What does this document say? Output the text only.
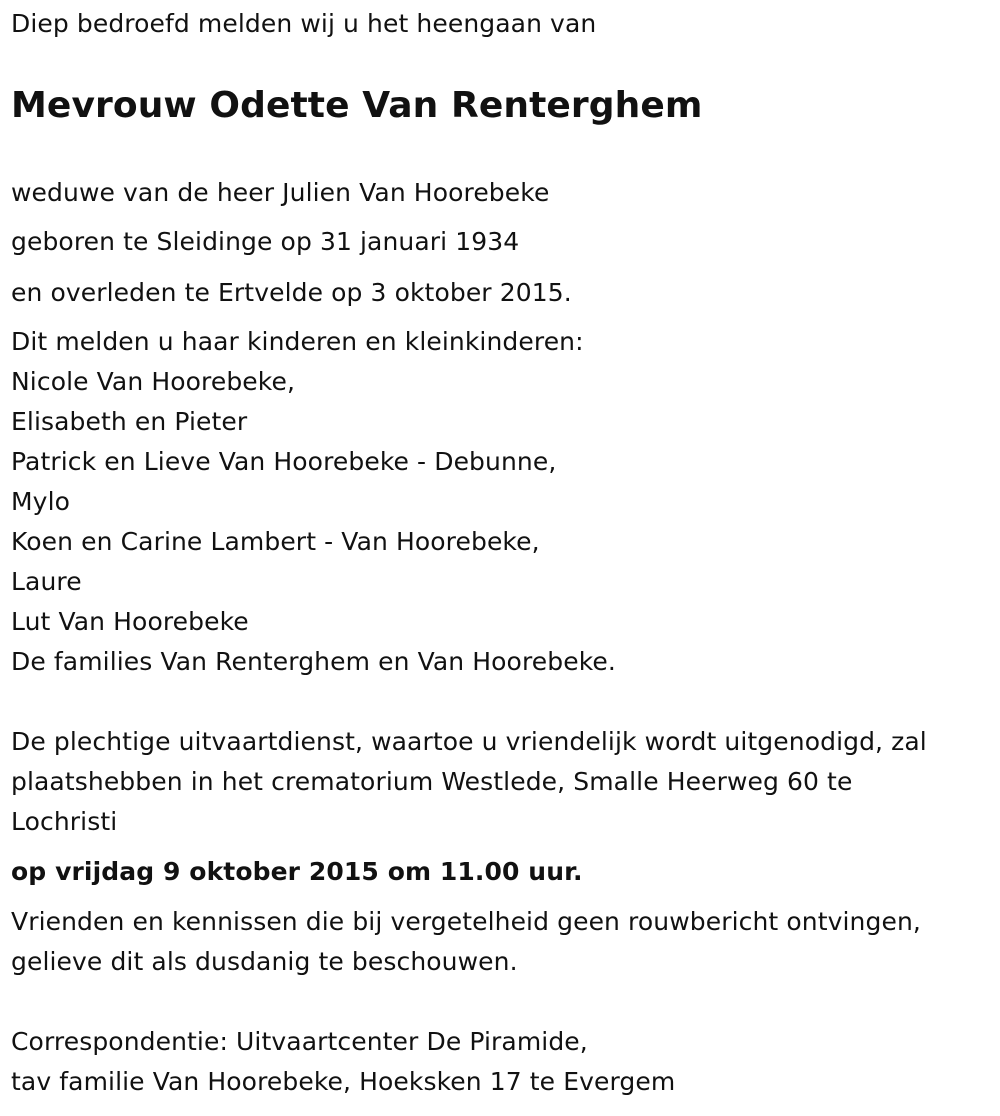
Diep bedroefd melden wij u het heengaan van
Mevrouw Odette Van Renterghem
weduwe van de heer Julien Van Hoorebeke
geboren te Sleidinge op 31 januari 1934
en overleden te Ertvelde op 3 oktober 2015.
Dit melden u haar kinderen en kleinkinderen:
Nicole Van Hoorebeke,
Elisabeth en Pieter
Patrick en Lieve Van Hoorebeke - Debunne,
Mylo
Koen en Carine Lambert - Van Hoorebeke,
Laure
Lut Van Hoorebeke
De families Van Renterghem en Van Hoorebeke.
De plechtige uitvaartdienst, waartoe u vriendelijk wordt uitgenodigd, zal
plaatshebben in het crematorium Westlede, Smalle Heerweg 60 te
Lochristi
op vrijdag 9 oktober 2015 om 11.00 uur.
Vrienden en kennissen die bij vergetelheid geen rouwbericht ontvingen,
gelieve dit als dusdanig te beschouwen.
Correspondentie: Uitvaartcenter De Piramide,
tav familie Van Hoorebeke, Hoeksken 17 te Evergem
